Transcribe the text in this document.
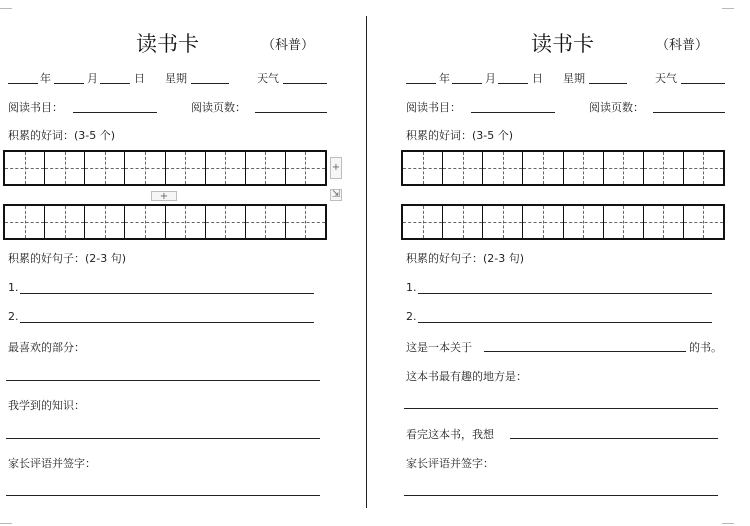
读书卡	（科普）
年	月	日 星期	天气
阅读书目：	阅读页数：
积累的好词：(3-5 个)
+
+	⇲
积累的好句子：(2-3 句)
1.
2.
最喜欢的部分：
我学到的知识：
家长评语并签字：
读书卡	（科普）
年	月	日 星期	天气
阅读书目：	阅读页数：
积累的好词：(3-5 个)
积累的好句子：(2-3 句)
1.
2.
这是一本关于	的书。
这本书最有趣的地方是：
看完这本书，我想
家长评语并签字：
